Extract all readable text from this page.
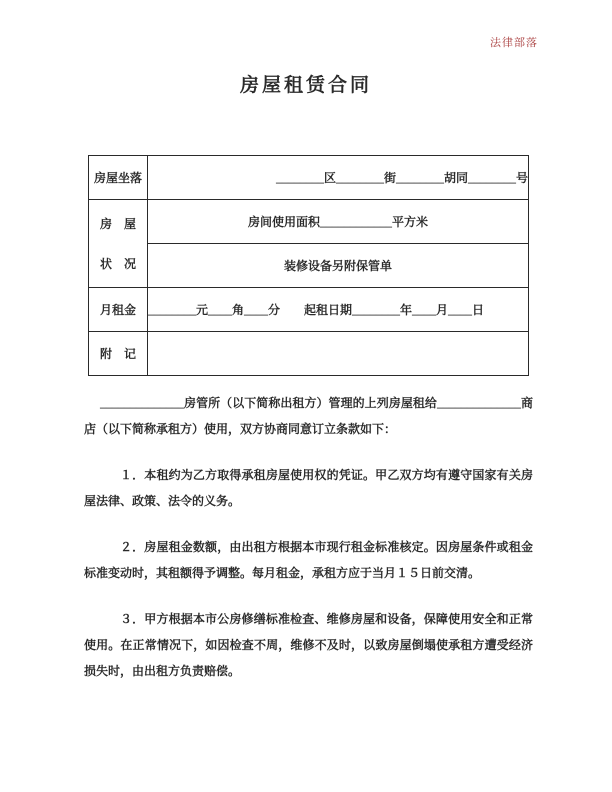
法律部落
房屋租赁合同
房屋坐落	________区________街________胡同________号

房　屋
状　况	房间使用面积____________平方米
	装修设备另附保管单
月租金	________元____角____分　　起租日期________年____月____日
附　记	

______________房管所（以下简称出租方）管理的上列房屋租给______________商店（以下简称承租方）使用，双方协商同意订立条款如下：

１．本租约为乙方取得承租房屋使用权的凭证。甲乙双方均有遵守国家有关房屋法律、政策、法令的义务。

２．房屋租金数额，由出租方根据本市现行租金标准核定。因房屋条件或租金标准变动时，其租额得予调整。每月租金，承租方应于当月１５日前交清。

３．甲方根据本市公房修缮标准检查、维修房屋和设备，保障使用安全和正常使用。在正常情况下，如因检查不周，维修不及时，以致房屋倒塌使承租方遭受经济损失时，由出租方负责赔偿。
